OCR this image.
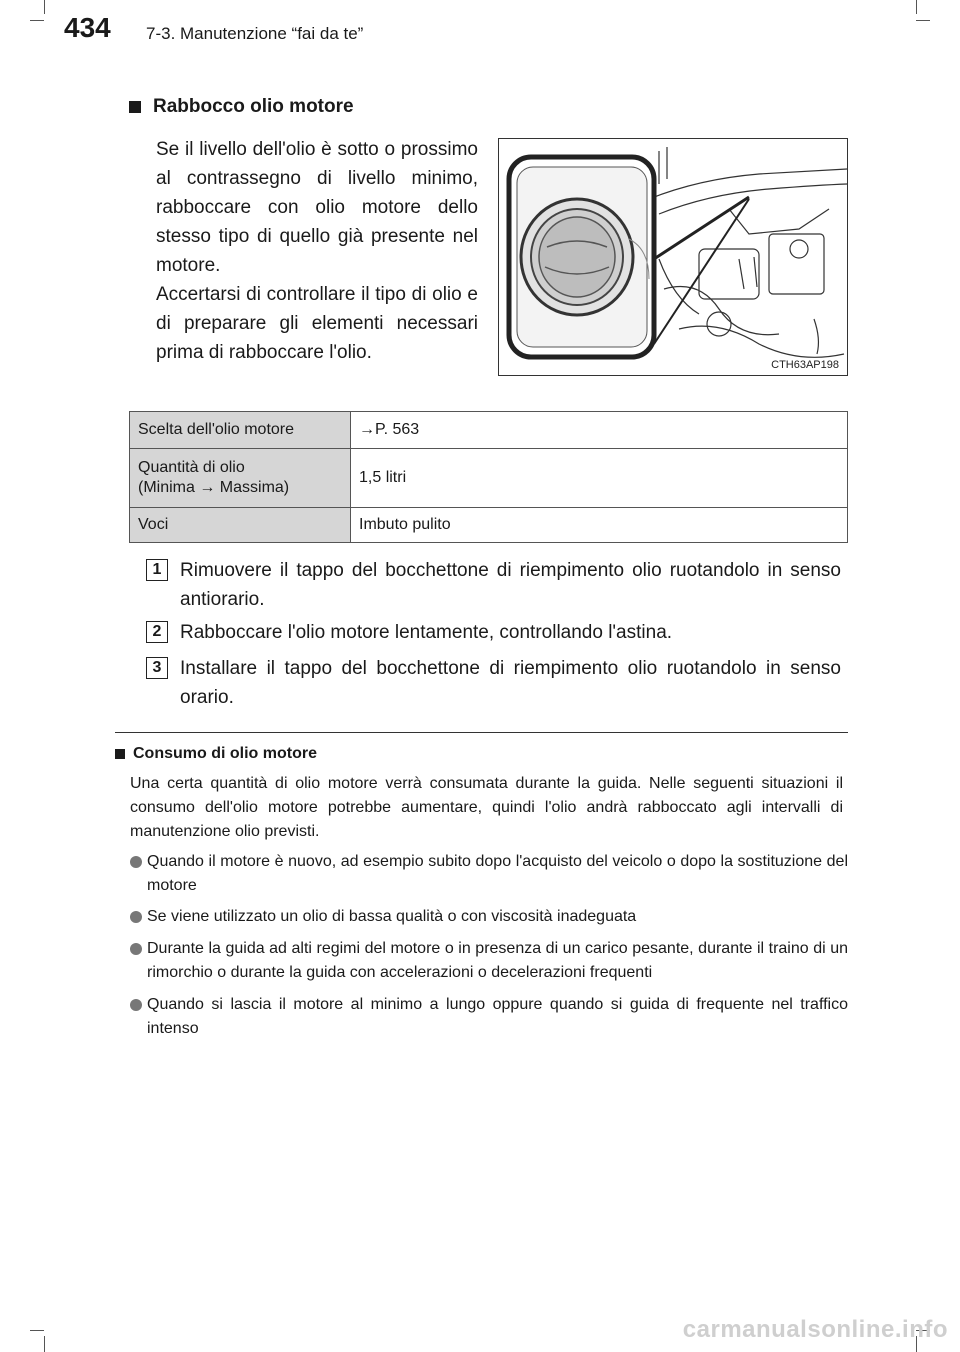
434 7-3. Manutenzione “fai da te”
Rabbocco olio motore
Se il livello dell'olio è sotto o prossimo al contrassegno di livello minimo, rabboccare con olio motore dello stesso tipo di quello già presente nel motore.
Accertarsi di controllare il tipo di olio e di preparare gli elementi necessari prima di rabboccare l'olio.
CTH63AP198
Scelta dell'olio motore	→P. 563
Quantità di olio
(Minima → Massima)	1,5 litri
Voci	Imbuto pulito
1 Rimuovere il tappo del bocchettone di riempimento olio ruotandolo in senso antiorario.
2 Rabboccare l'olio motore lentamente, controllando l'astina.
3 Installare il tappo del bocchettone di riempimento olio ruotandolo in senso orario.
Consumo di olio motore
Una certa quantità di olio motore verrà consumata durante la guida. Nelle seguenti situazioni il consumo dell'olio motore potrebbe aumentare, quindi l'olio andrà rabboccato agli intervalli di manutenzione olio previsti.
Quando il motore è nuovo, ad esempio subito dopo l'acquisto del veicolo o dopo la sostituzione del motore
Se viene utilizzato un olio di bassa qualità o con viscosità inadeguata
Durante la guida ad alti regimi del motore o in presenza di un carico pesante, durante il traino di un rimorchio o durante la guida con accelerazioni o decelerazioni frequenti
Quando si lascia il motore al minimo a lungo oppure quando si guida di frequente nel traffico intenso
carmanualsonline.info
